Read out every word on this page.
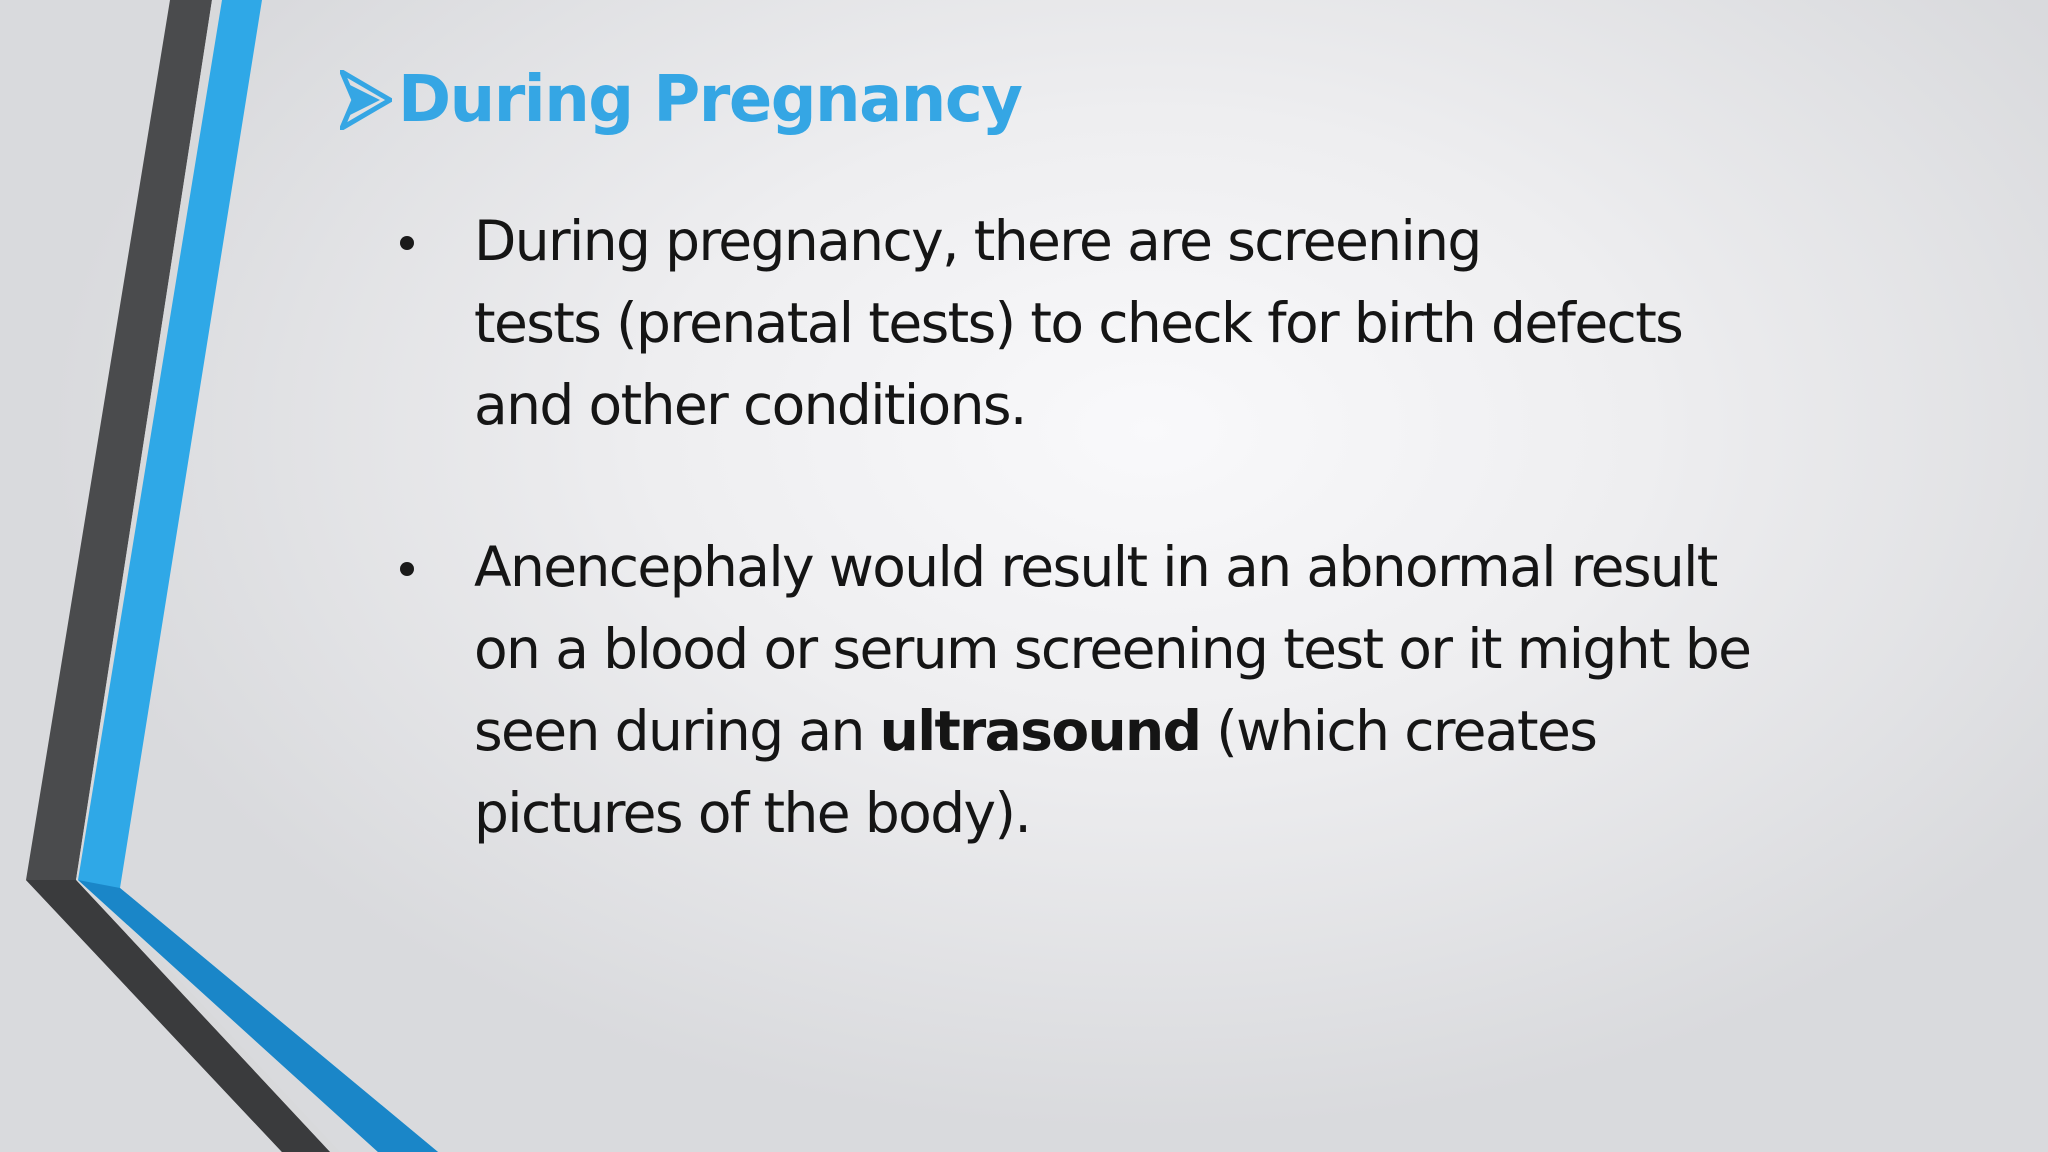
During Pregnancy
During pregnancy, there are screening
tests (prenatal tests) to check for birth defects
and other conditions.
Anencephaly would result in an abnormal result
on a blood or serum screening test or it might be
seen during an ultrasound (which creates
pictures of the body).
